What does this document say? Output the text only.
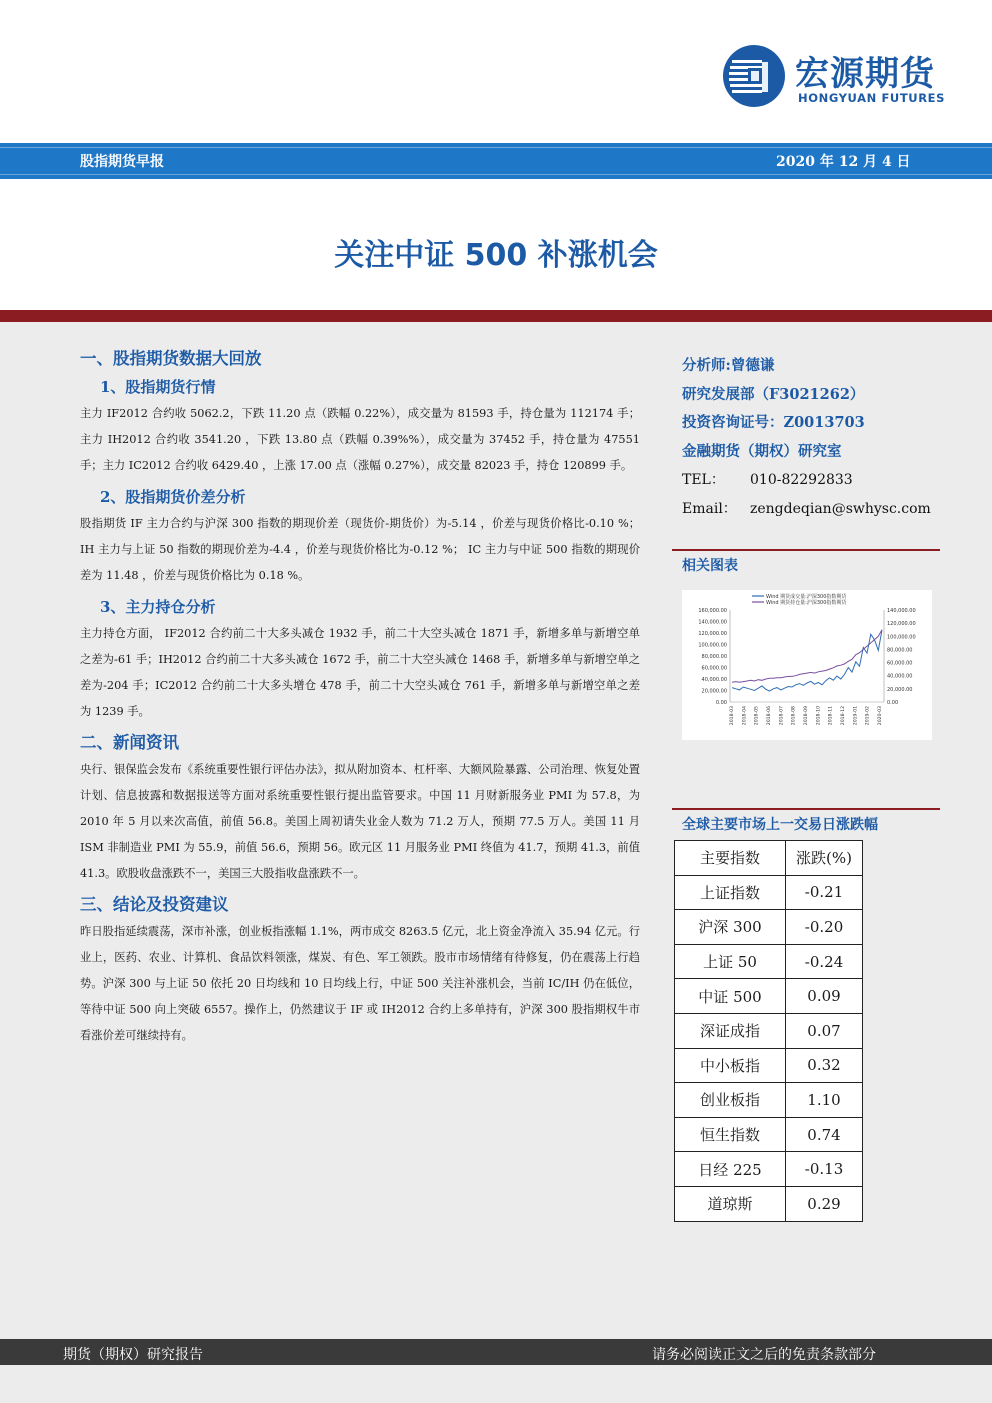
宏源期货
HONGYUAN FUTURES
股指期货早报	2020 年 12 月 4 日
关注中证 500 补涨机会
一、股指期货数据大回放
1、股指期货行情

主力 IF2012 合约收 5062.2，下跌 11.20 点（跌幅 0.22%），成交量为 81593 手，持仓量为 112174 手；主力 IH2012 合约收 3541.20 ，下跌 13.80 点（跌幅 0.39%%），成交量为 37452 手，持仓量为 47551 手；主力 IC2012 合约收 6429.40 ，上涨 17.00 点（涨幅 0.27%），成交量 82023 手，持仓 120899 手。

2、股指期货价差分析

股指期货 IF 主力合约与沪深 300 指数的期现价差（现货价-期货价）为-5.14 ，价差与现货价格比-0.10 %；IH 主力与上证 50 指数的期现价差为-4.4 ，价差与现货价格比为-0.12 %； IC 主力与中证 500 指数的期现价差为 11.48 ，价差与现货价格比为 0.18 %。

3、主力持仓分析

主力持仓方面， IF2012 合约前二十大多头减仓 1932 手，前二十大空头减仓 1871 手，新增多单与新增空单之差为-61 手；IH2012 合约前二十大多头减仓 1672 手，前二十大空头减仓 1468 手，新增多单与新增空单之差为-204 手；IC2012 合约前二十大多头增仓 478 手，前二十大空头减仓 761 手，新增多单与新增空单之差为 1239 手。

二、新闻资讯

央行、银保监会发布《系统重要性银行评估办法》，拟从附加资本、杠杆率、大额风险暴露、公司治理、恢复处置计划、信息披露和数据报送等方面对系统重要性银行提出监管要求。中国 11 月财新服务业 PMI 为 57.8，为 2010 年 5 月以来次高值，前值 56.8。美国上周初请失业金人数为 71.2 万人，预期 77.5 万人。美国 11 月 ISM 非制造业 PMI 为 55.9，前值 56.6，预期 56。欧元区 11 月服务业 PMI 终值为 41.7，预期 41.3，前值 41.3。欧股收盘涨跌不一，美国三大股指收盘涨跌不一。

三、结论及投资建议

昨日股指延续震荡，深市补涨，创业板指涨幅 1.1%，两市成交 8263.5 亿元，北上资金净流入 35.94 亿元。行业上，医药、农业、计算机、食品饮料领涨，煤炭、有色、军工领跌。股市市场情绪有待修复，仍在震荡上行趋势。沪深 300 与上证 50 依托 20 日均线和 10 日均线上行，中证 500 关注补涨机会，当前 IC/IH 仍在低位，等待中证 500 向上突破 6557。操作上，仍然建议于 IF 或 IH2012 合约上多单持有，沪深 300 股指期权牛市看涨价差可继续持有。

分析师:曾德谦
研究发展部（F3021262）
投资咨询证号：Z0013703
金融期货（期权）研究室
TEL： 010-82292833
Email： zengdeqian@swhysc.com
相关图表
160,000.00
140,000.00
120,000.00
100,000.00
80,000.00
60,000.00
40,000.00
20,000.00
0.00
140,000.00
120,000.00
100,000.00
80,000.00
60,000.00
40,000.00
20,000.00
0.00
2018-03 2018-04 2018-05 2018-06 2018-07 2018-08 2018-09 2018-10 2018-11 2018-12 2019-01 2019-02 2020-03
Wind 期货成交量:沪深300指数期货
Wind 期货持仓量:沪深300指数期货
全球主要市场上一交易日涨跌幅
主要指数	涨跌(%)
上证指数	-0.21
沪深 300	-0.20
上证 50	-0.24
中证 500	0.09
深证成指	0.07
中小板指	0.32
创业板指	1.10
恒生指数	0.74
日经 225	-0.13
道琼斯	0.29
期货（期权）研究报告	请务必阅读正文之后的免责条款部分
